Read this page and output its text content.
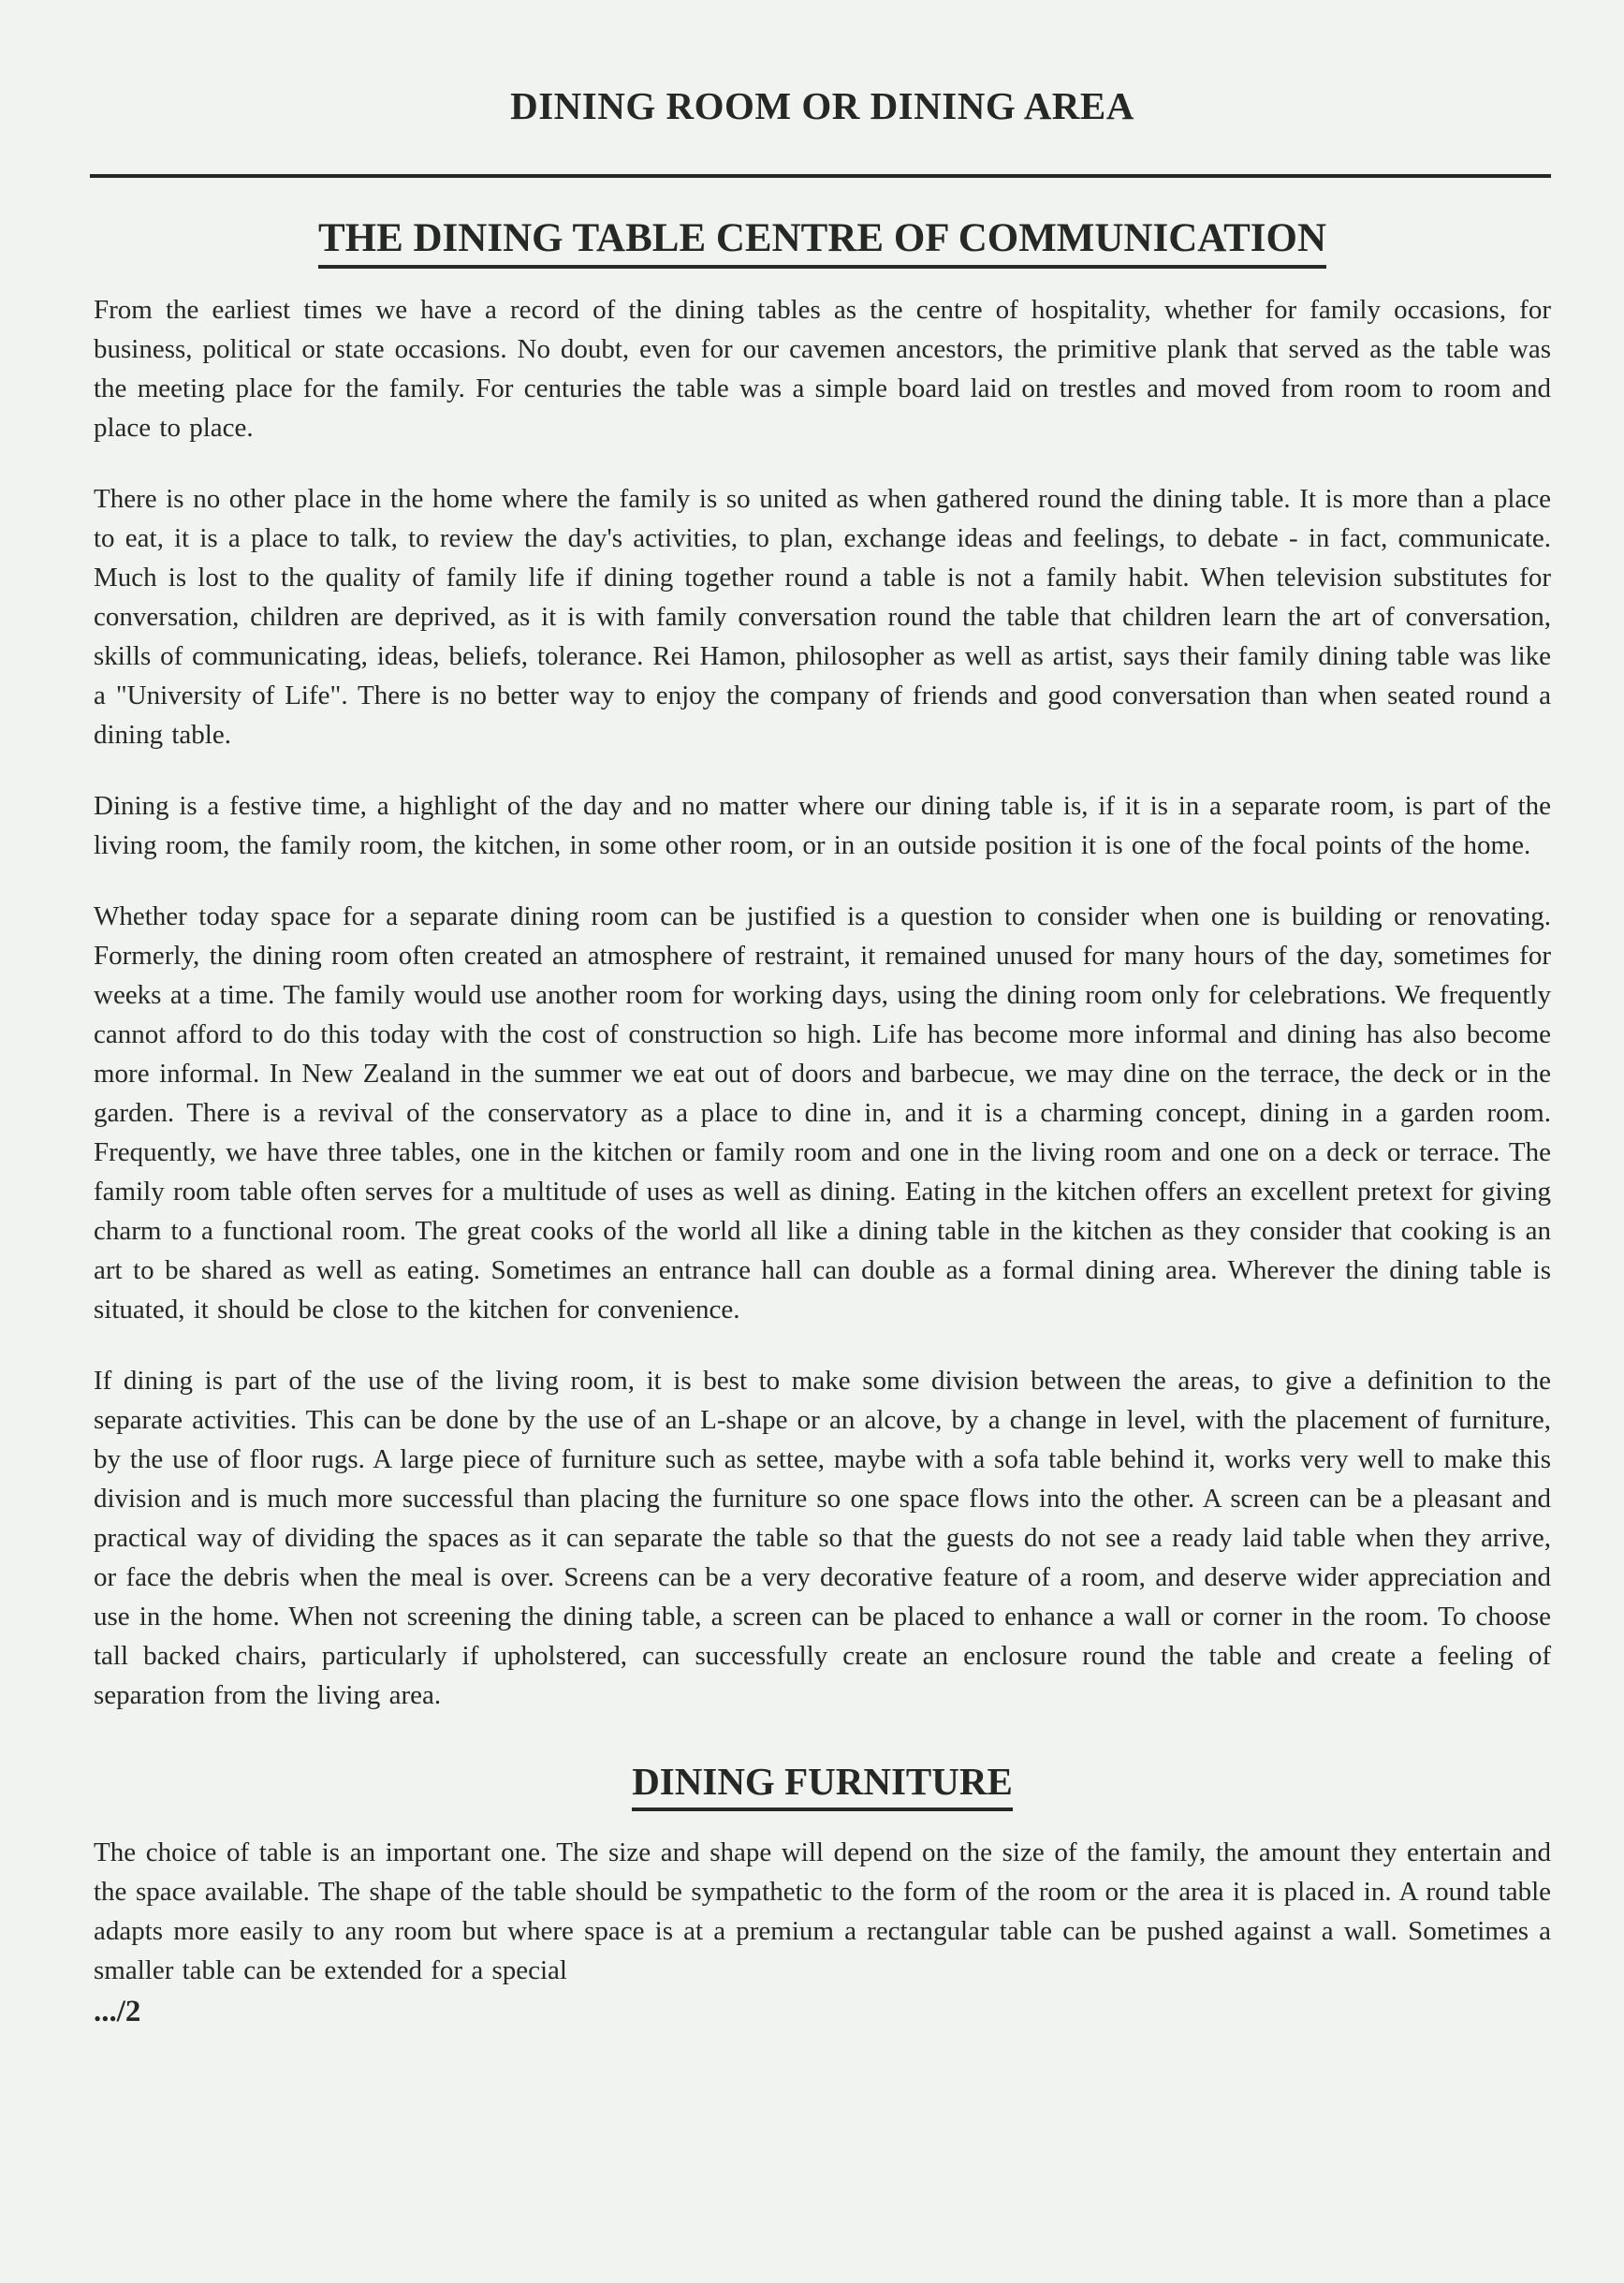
DINING ROOM OR DINING AREA
THE DINING TABLE CENTRE OF COMMUNICATION

From the earliest times we have a record of the dining tables as the centre of hospitality, whether for family occasions, for business, political or state occasions. No doubt, even for our cavemen ancestors, the primitive plank that served as the table was the meeting place for the family. For centuries the table was a simple board laid on trestles and moved from room to room and place to place.

There is no other place in the home where the family is so united as when gathered round the dining table. It is more than a place to eat, it is a place to talk, to review the day's activities, to plan, exchange ideas and feelings, to debate - in fact, communicate. Much is lost to the quality of family life if dining together round a table is not a family habit. When television substitutes for conversation, children are deprived, as it is with family conversation round the table that children learn the art of conversation, skills of communicating, ideas, beliefs, tolerance. Rei Hamon, philosopher as well as artist, says their family dining table was like a "University of Life". There is no better way to enjoy the company of friends and good conversation than when seated round a dining table.

Dining is a festive time, a highlight of the day and no matter where our dining table is, if it is in a separate room, is part of the living room, the family room, the kitchen, in some other room, or in an outside position it is one of the focal points of the home.

Whether today space for a separate dining room can be justified is a question to consider when one is building or renovating. Formerly, the dining room often created an atmosphere of restraint, it remained unused for many hours of the day, sometimes for weeks at a time. The family would use another room for working days, using the dining room only for celebrations. We frequently cannot afford to do this today with the cost of construction so high. Life has become more informal and dining has also become more informal. In New Zealand in the summer we eat out of doors and barbecue, we may dine on the terrace, the deck or in the garden. There is a revival of the conservatory as a place to dine in, and it is a charming concept, dining in a garden room. Frequently, we have three tables, one in the kitchen or family room and one in the living room and one on a deck or terrace. The family room table often serves for a multitude of uses as well as dining. Eating in the kitchen offers an excellent pretext for giving charm to a functional room. The great cooks of the world all like a dining table in the kitchen as they consider that cooking is an art to be shared as well as eating. Sometimes an entrance hall can double as a formal dining area. Wherever the dining table is situated, it should be close to the kitchen for convenience.

If dining is part of the use of the living room, it is best to make some division between the areas, to give a definition to the separate activities. This can be done by the use of an L-shape or an alcove, by a change in level, with the placement of furniture, by the use of floor rugs. A large piece of furniture such as settee, maybe with a sofa table behind it, works very well to make this division and is much more successful than placing the furniture so one space flows into the other. A screen can be a pleasant and practical way of dividing the spaces as it can separate the table so that the guests do not see a ready laid table when they arrive, or face the debris when the meal is over. Screens can be a very decorative feature of a room, and deserve wider appreciation and use in the home. When not screening the dining table, a screen can be placed to enhance a wall or corner in the room. To choose tall backed chairs, particularly if upholstered, can successfully create an enclosure round the table and create a feeling of separation from the living area.

DINING FURNITURE

The choice of table is an important one. The size and shape will depend on the size of the family, the amount they entertain and the space available. The shape of the table should be sympathetic to the form of the room or the area it is placed in. A round table adapts more easily to any room but where space is at a premium a rectangular table can be pushed against a wall. Sometimes a smaller table can be extended for a special

.../2
